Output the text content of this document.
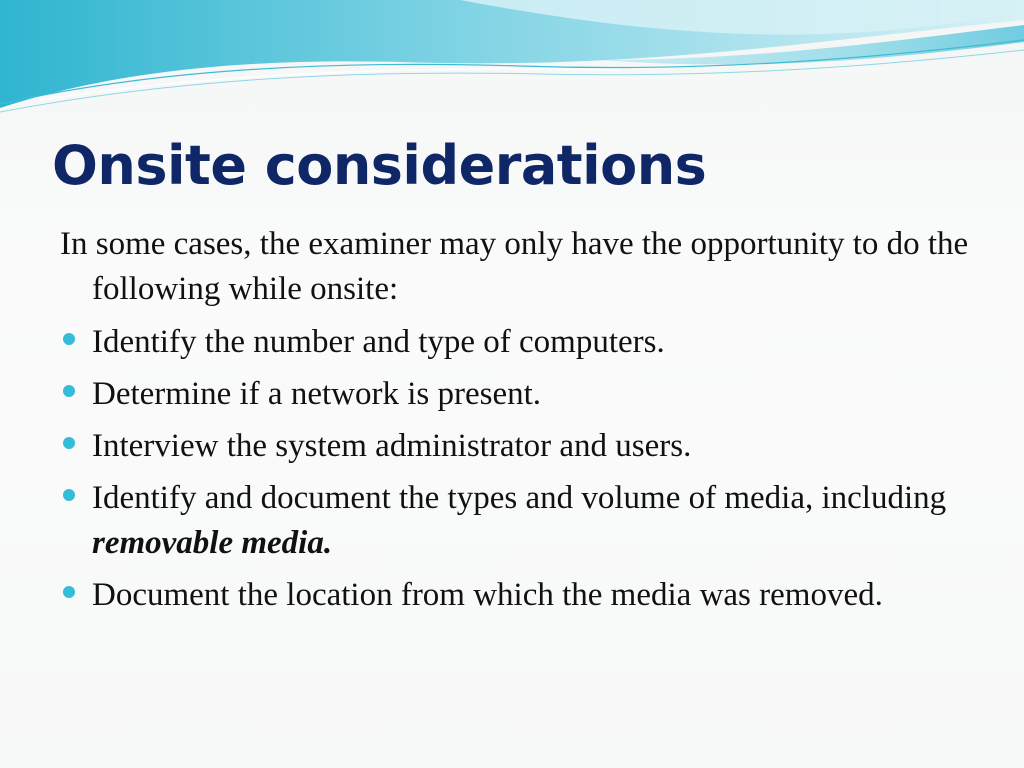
Onsite considerations

In some cases, the examiner may only have the opportunity to do the following while onsite:

Identify the number and type of computers.
Determine if a network is present.
Interview the system administrator and users.
Identify and document the types and volume of media, including removable media.
Document the location from which the media was removed.
